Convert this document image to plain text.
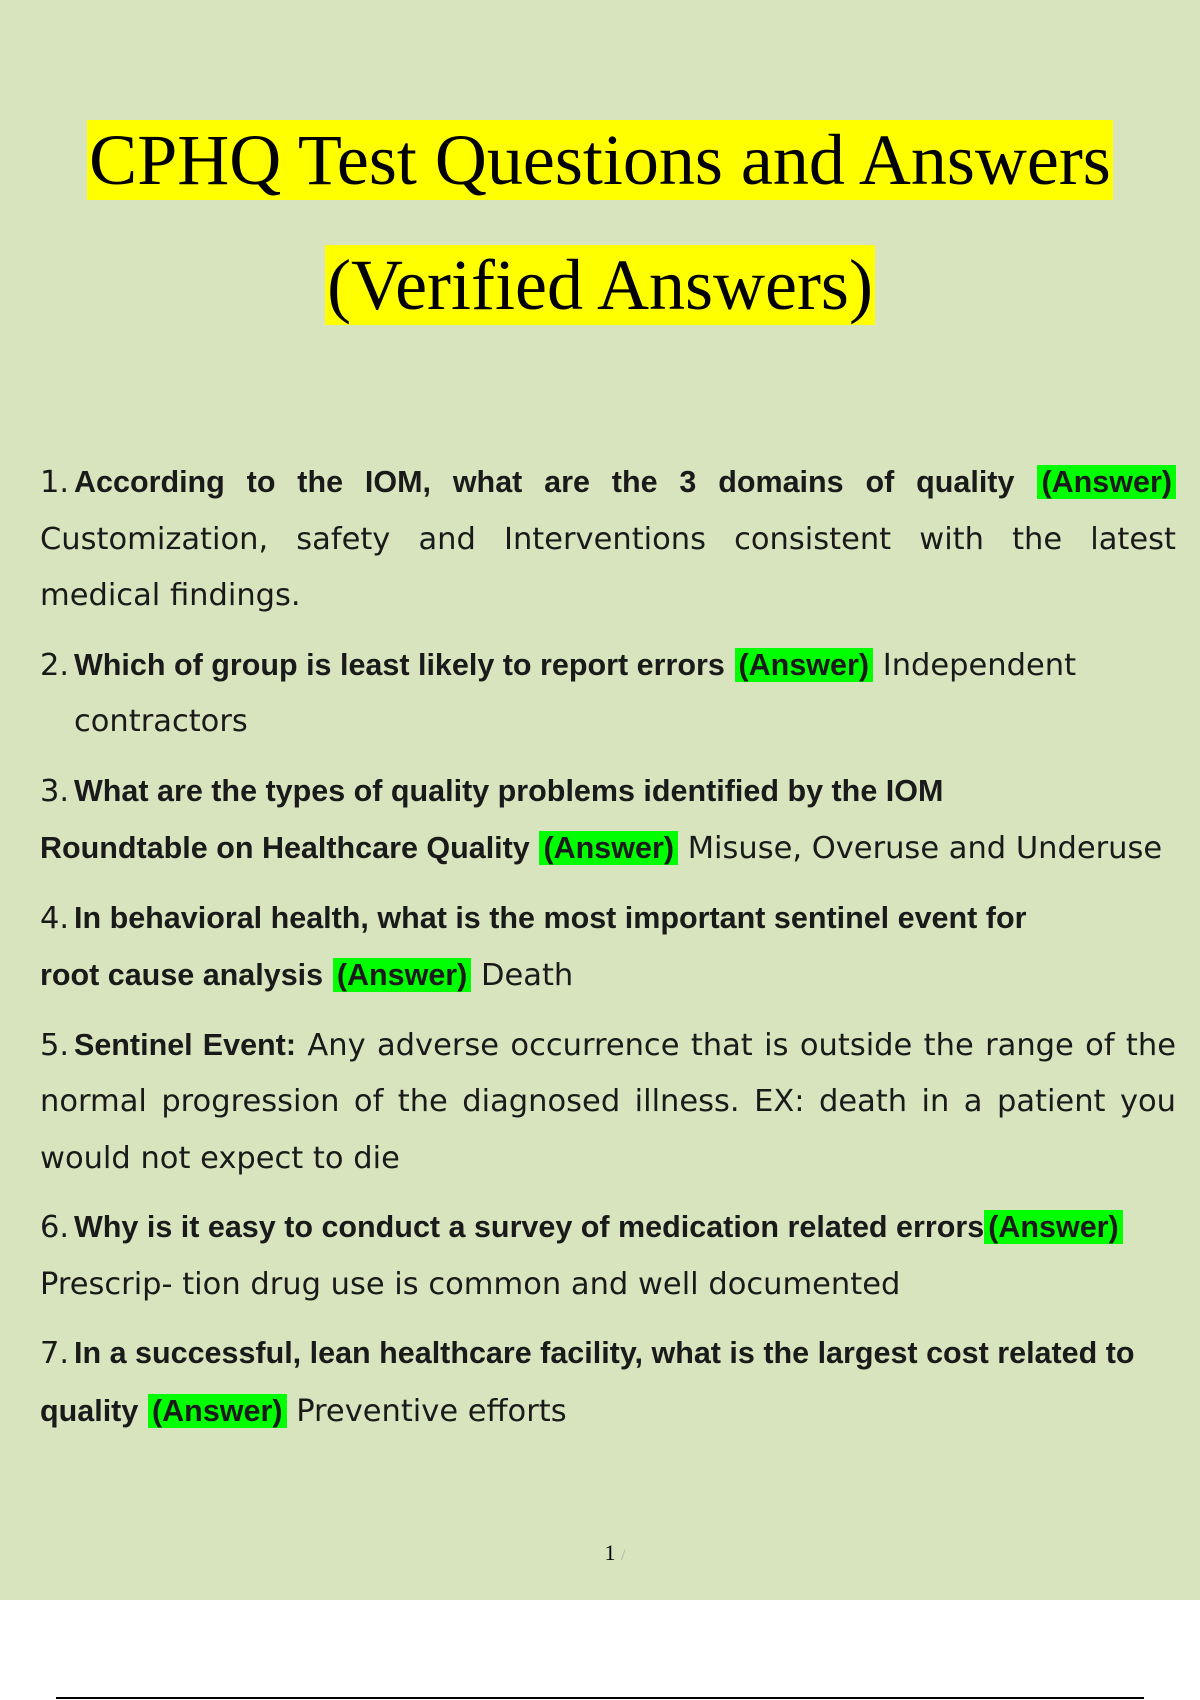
CPHQ Test Questions and Answers
(Verified Answers)
1. According to the IOM, what are the 3 domains of quality (Answer) Customization, safety and Interventions consistent with the latest medical findings.
2. Which of group is least likely to report errors (Answer) Independent
contractors
3. What are the types of quality problems identified by the IOM
Roundtable on Healthcare Quality (Answer) Misuse, Overuse and Underuse
4. In behavioral health, what is the most important sentinel event for
root cause analysis (Answer) Death
5. Sentinel Event: Any adverse occurrence that is outside the range of the normal progression of the diagnosed illness. EX: death in a patient you would not expect to die
6. Why is it easy to conduct a survey of medication related errors (Answer) Prescrip- tion drug use is common and well documented
7. In a successful, lean healthcare facility, what is the largest cost related to quality (Answer) Preventive efforts
1 /
